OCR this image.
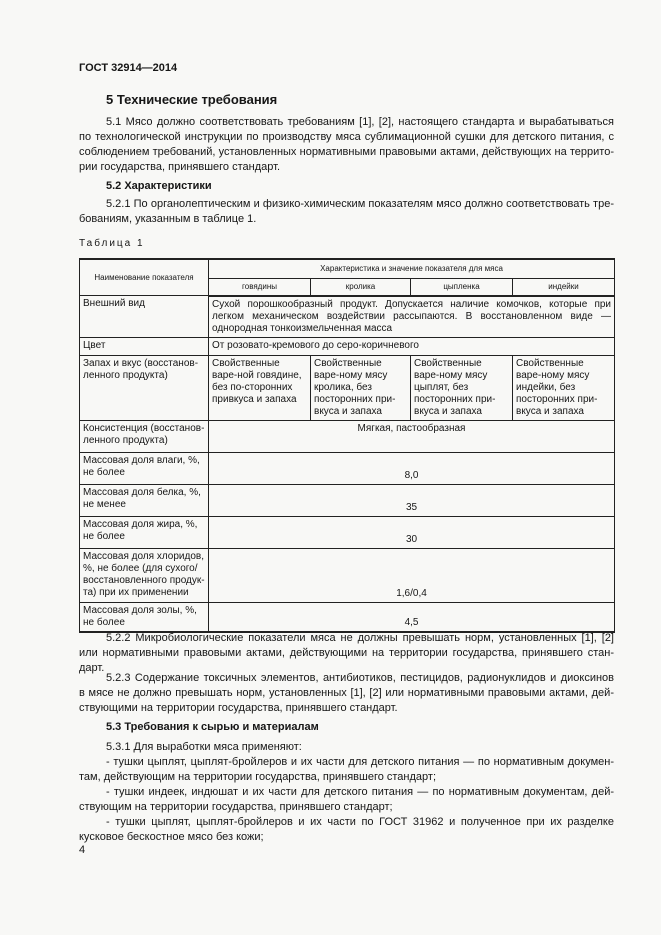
ГОСТ 32914—2014
5 Технические требования
5.1 Мясо должно соответствовать требованиям [1], [2], настоящего стандарта и вырабатываться
по технологической инструкции по производству мяса сублимационной сушки для детского питания, с
соблюдением требований, установленных нормативными правовыми актами, действующих на террито-
рии государства, принявшего стандарт.
5.2 Характеристики
5.2.1 По органолептическим и физико-химическим показателям мясо должно соответствовать тре-
бованиям, указанным в таблице 1.
Таблица 1
Наименование показателя	Характеристика и значение показателя для мяса			
	говядины	кролика	цыпленка	индейки
Внешний вид	Сухой порошкообразный продукт. Допускается наличие комочков, которые при легком механическом воздействии рассыпаются. В восстановленном виде — однородная тонкоизмельченная масса			
Цвет	От розовато-кремового до серо-коричневого			
Запах и вкус (восстанов-ленного продукта)	Свойственные варе-ной говядине, без по-сторонних привкуса и запаха	Свойственные варе-ному мясу кролика, без посторонних при-вкуса и запаха	Свойственные варе-ному мясу цыплят, без посторонних при-вкуса и запаха	Свойственные варе-ному мясу индейки, без посторонних при-вкуса и запаха
Консистенция (восстанов-ленного продукта)	Мягкая, пастообразная			
Массовая доля влаги, %, не более	8,0			
Массовая доля белка, %, не менее	35			
Массовая доля жира, %, не более	30			
Массовая доля хлоридов, %, не более (для сухого/восстановленного продук-та) при их применении	1,6/0,4			
Массовая доля золы, %, не более	4,5			
5.2.2 Микробиологические показатели мяса не должны превышать норм, установленных [1], [2]
или нормативными правовыми актами, действующими на территории государства, принявшего стан-
дарт.
5.2.3 Содержание токсичных элементов, антибиотиков, пестицидов, радионуклидов и диоксинов
в мясе не должно превышать норм, установленных [1], [2] или нормативными правовыми актами, дей-
ствующими на территории государства, принявшего стандарт.
5.3 Требования к сырью и материалам
5.3.1 Для выработки мяса применяют:
- тушки цыплят, цыплят-бройлеров и их части для детского питания — по нормативным докумен-
там, действующим на территории государства, принявшего стандарт;
- тушки индеек, индюшат и их части для детского питания — по нормативным документам, дей-
ствующим на территории государства, принявшего стандарт;
- тушки цыплят, цыплят-бройлеров и их части по ГОСТ 31962 и полученное при их разделке
кусковое бескостное мясо без кожи;
4
